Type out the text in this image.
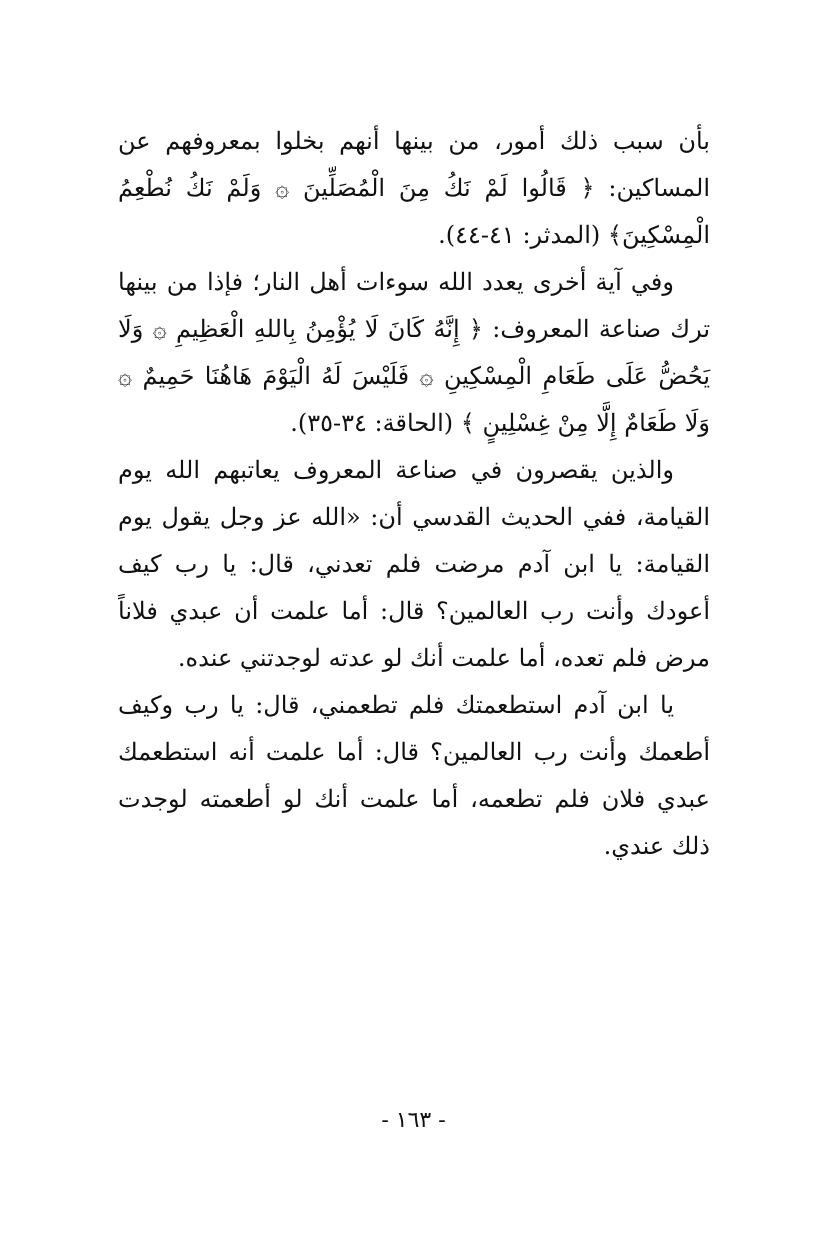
بأن سبب ذلك أمور، من بينها أنهم بخلوا بمعروفهم عن المساكين: ﴿ قَالُوا لَمْ نَكُ مِنَ الْمُصَلِّينَ ۞ وَلَمْ نَكُ نُطْعِمُ الْمِسْكِينَ﴾ (المدثر: ٤١-٤٤).

وفي آية أخرى يعدد الله سوءات أهل النار؛ فإذا من بينها ترك صناعة المعروف: ﴿ إِنَّهُ كَانَ لَا يُؤْمِنُ بِاللهِ الْعَظِيمِ ۞ وَلَا يَحُضُّ عَلَى طَعَامِ الْمِسْكِينِ ۞ فَلَيْسَ لَهُ الْيَوْمَ هَاهُنَا حَمِيمٌ ۞ وَلَا طَعَامٌ إِلَّا مِنْ غِسْلِينٍ ﴾ (الحاقة: ٣٤-٣٥).

والذين يقصرون في صناعة المعروف يعاتبهم الله يوم القيامة، ففي الحديث القدسي أن: «الله عز وجل يقول يوم القيامة: يا ابن آدم مرضت فلم تعدني، قال: يا رب كيف أعودك وأنت رب العالمين؟ قال: أما علمت أن عبدي فلاناً مرض فلم تعده، أما علمت أنك لو عدته لوجدتني عنده.

يا ابن آدم استطعمتك فلم تطعمني، قال: يا رب وكيف أطعمك وأنت رب العالمين؟ قال: أما علمت أنه استطعمك عبدي فلان فلم تطعمه، أما علمت أنك لو أطعمته لوجدت ذلك عندي.

- ١٦٣ -
